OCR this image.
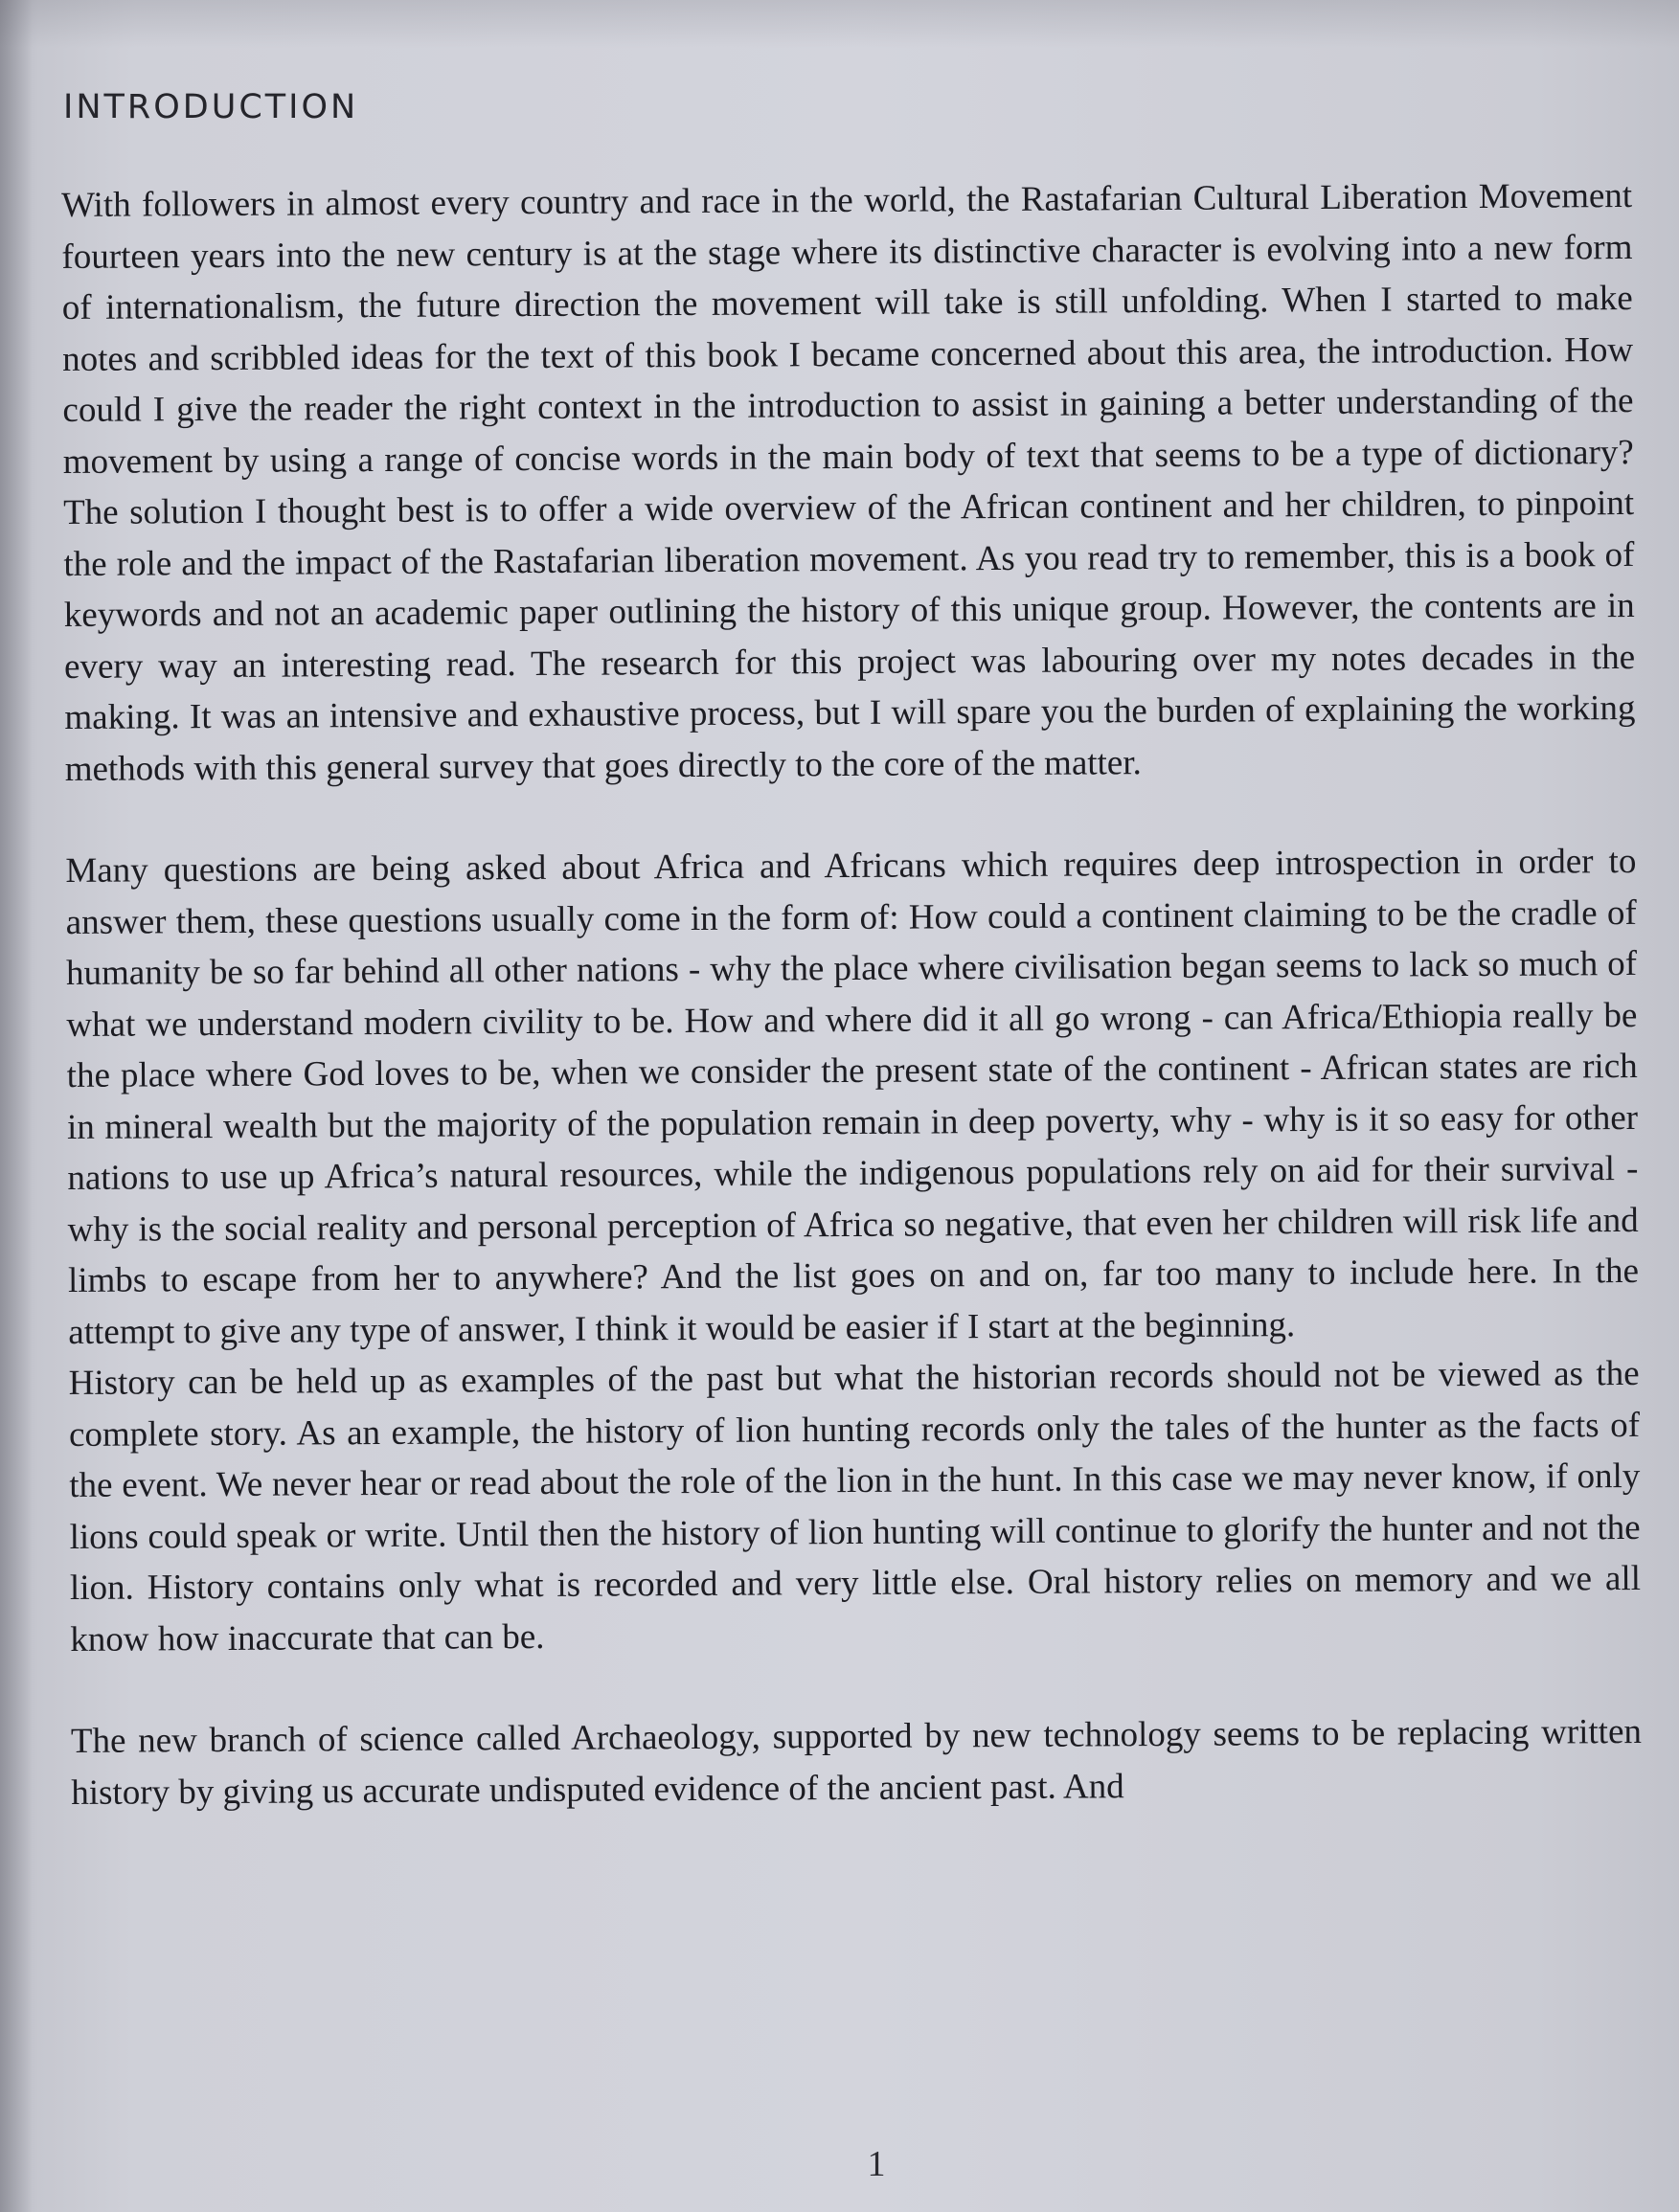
INTRODUCTION

With followers in almost every country and race in the world, the Rastafarian Cultural Liberation Movement fourteen years into the new century is at the stage where its distinctive character is evolving into a new form of internationalism, the future direction the movement will take is still unfolding. When I started to make notes and scribbled ideas for the text of this book I became concerned about this area, the introduction. How could I give the reader the right context in the introduction to assist in gaining a better understanding of the movement by using a range of concise words in the main body of text that seems to be a type of dictionary? The solution I thought best is to offer a wide overview of the African continent and her children, to pinpoint the role and the impact of the Rastafarian liberation movement. As you read try to remember, this is a book of keywords and not an academic paper outlining the history of this unique group. However, the contents are in every way an interesting read. The research for this project was labouring over my notes decades in the making. It was an intensive and exhaustive process, but I will spare you the burden of explaining the working methods with this general survey that goes directly to the core of the matter.

Many questions are being asked about Africa and Africans which requires deep introspection in order to answer them, these questions usually come in the form of: How could a continent claiming to be the cradle of humanity be so far behind all other nations - why the place where civilisation began seems to lack so much of what we understand modern civility to be. How and where did it all go wrong - can Africa/Ethiopia really be the place where God loves to be, when we consider the present state of the continent - African states are rich in mineral wealth but the majority of the population remain in deep poverty, why - why is it so easy for other nations to use up Africa’s natural resources, while the indigenous populations rely on aid for their survival - why is the social reality and personal perception of Africa so negative, that even her children will risk life and limbs to escape from her to anywhere? And the list goes on and on, far too many to include here. In the attempt to give any type of answer, I think it would be easier if I start at the beginning.

History can be held up as examples of the past but what the historian records should not be viewed as the complete story. As an example, the history of lion hunting records only the tales of the hunter as the facts of the event. We never hear or read about the role of the lion in the hunt. In this case we may never know, if only lions could speak or write. Until then the history of lion hunting will continue to glorify the hunter and not the lion. History contains only what is recorded and very little else. Oral history relies on memory and we all know how inaccurate that can be.

The new branch of science called Archaeology, supported by new technology seems to be replacing written history by giving us accurate undisputed evidence of the ancient past. And

1
